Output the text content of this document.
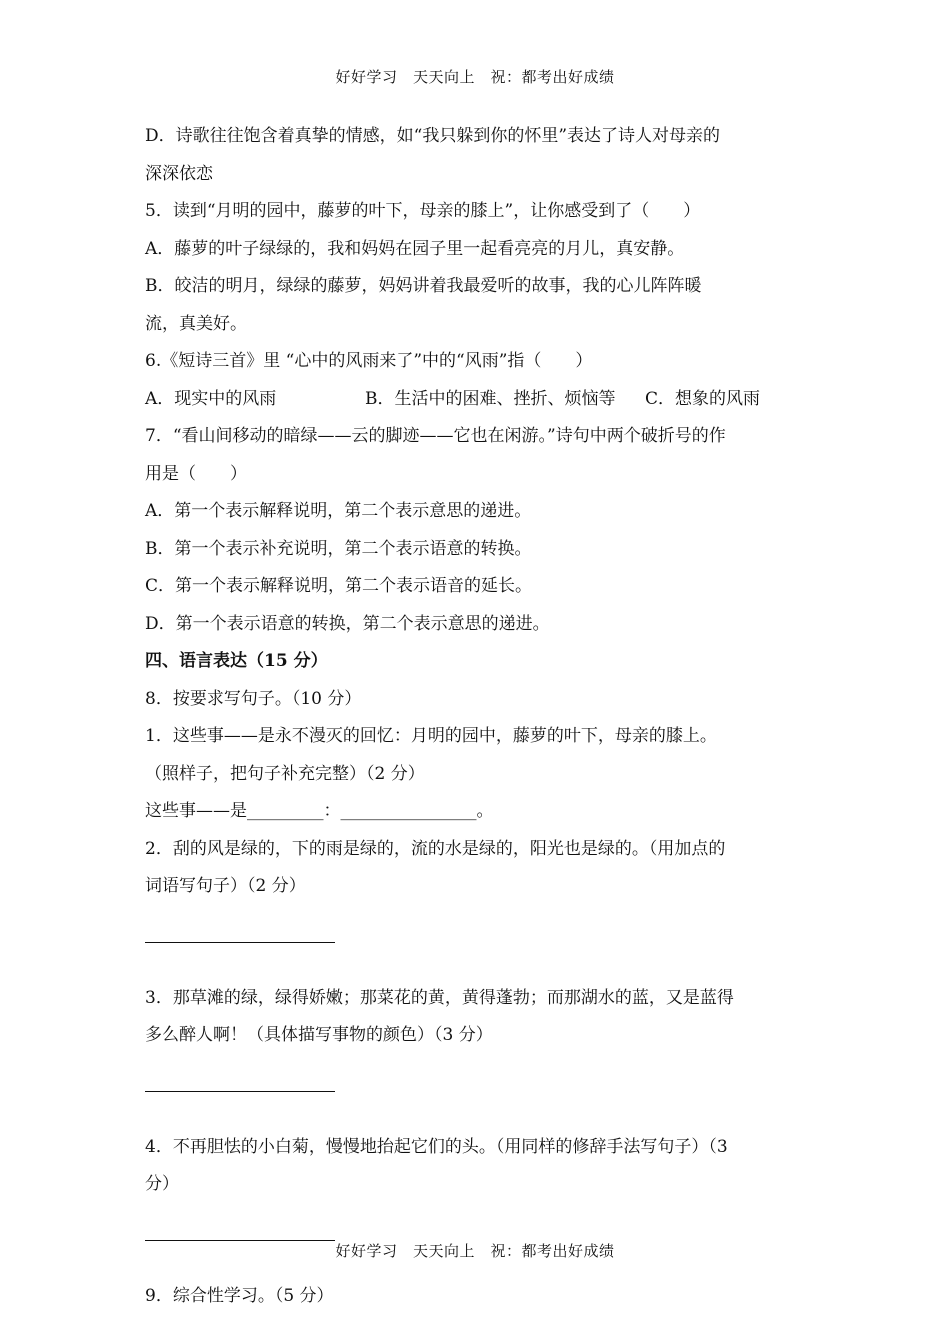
好好学习　天天向上　祝：都考出好成绩
D．诗歌往往饱含着真挚的情感，如“我只躲到你的怀里”表达了诗人对母亲的
深深依恋
5．读到“月明的园中，藤萝的叶下，母亲的膝上”，让你感受到了（　　）
A．藤萝的叶子绿绿的，我和妈妈在园子里一起看亮亮的月儿，真安静。
B．皎洁的明月，绿绿的藤萝，妈妈讲着我最爱听的故事，我的心儿阵阵暖
流，真美好。
6.《短诗三首》里 “心中的风雨来了”中的“风雨”指（　　）
A．现实中的风雨	B．生活中的困难、挫折、烦恼等	C．想象的风雨
7．“看山间移动的暗绿——云的脚迹——它也在闲游。”诗句中两个破折号的作
用是（　　）
A．第一个表示解释说明，第二个表示意思的递进。
B．第一个表示补充说明，第二个表示语意的转换。
C．第一个表示解释说明，第二个表示语音的延长。
D．第一个表示语意的转换，第二个表示意思的递进。
四、语言表达（15 分）
8．按要求写句子。（10 分）
1．这些事——是永不漫灭的回忆：月明的园中，藤萝的叶下，母亲的膝上。
（照样子，把句子补充完整）（2 分）
这些事——是_________：________________。
2．刮的风是绿的，下的雨是绿的，流的水是绿的，阳光也是绿的。（用加点的
词语写句子）（2 分）
3．那草滩的绿，绿得娇嫩；那菜花的黄，黄得蓬勃；而那湖水的蓝，又是蓝得
多么醉人啊！（具体描写事物的颜色）（3 分）
4．不再胆怯的小白菊，慢慢地抬起它们的头。（用同样的修辞手法写句子）（3
分）
9．综合性学习。（5 分）
好好学习　天天向上　祝：都考出好成绩
